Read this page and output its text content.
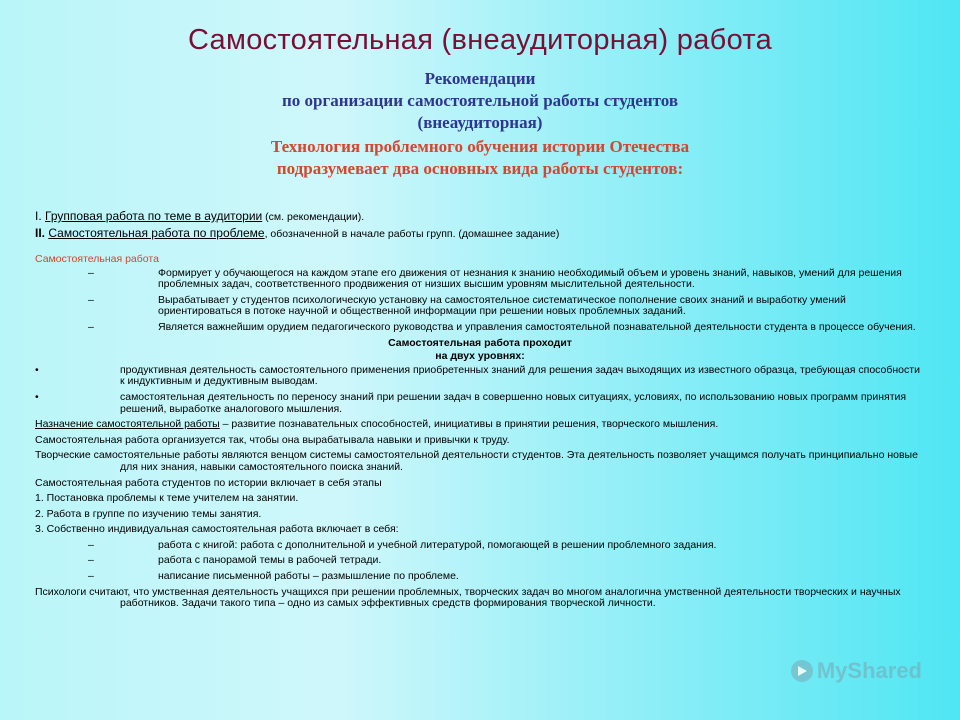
Самостоятельная (внеаудиторная) работа
Рекомендации
по организации самостоятельной работы студентов
(внеаудиторная)
Технология проблемного обучения истории Отечества
подразумевает два основных вида работы студентов:
I. Групповая работа по теме в аудитории (см. рекомендации).
II. Самостоятельная работа по проблеме, обозначенной в начале работы групп. (домашнее задание)
Самостоятельная работа
–	Формирует у обучающегося на каждом этапе его движения от незнания к знанию необходимый объем и уровень знаний, навыков, умений для решения проблемных задач, соответственного продвижения от низших высшим уровням мыслительной деятельности.
–	Вырабатывает у студентов психологическую установку на самостоятельное систематическое пополнение своих знаний и выработку умений ориентироваться в потоке научной и общественной информации при решении новых проблемных заданий.
–	Является важнейшим орудием педагогического руководства и управления самостоятельной познавательной деятельности студента в процессе обучения.
Самостоятельная работа проходит
на двух уровнях:
•	продуктивная деятельность самостоятельного применения приобретенных знаний для решения задач выходящих из известного образца, требующая способности к индуктивным и дедуктивным выводам.
•	самостоятельная деятельность по переносу знаний при решении задач в совершенно новых ситуациях, условиях, по использованию новых программ принятия решений, выработке аналогового мышления.
Назначение самостоятельной работы – развитие познавательных способностей, инициативы в принятии решения, творческого мышления.
Самостоятельная работа организуется так, чтобы она вырабатывала навыки и привычки к труду.
Творческие самостоятельные работы являются венцом системы самостоятельной деятельности студентов. Эта деятельность позволяет учащимся получать принципиально новые для них знания, навыки самостоятельного поиска знаний.
Самостоятельная работа студентов по истории включает в себя этапы
1. Постановка проблемы к теме учителем на занятии.
2. Работа в группе по изучению темы занятия.
3. Собственно индивидуальная самостоятельная работа включает в себя:
–	работа с книгой: работа с дополнительной и учебной литературой, помогающей в решении проблемного задания.
–	работа с панорамой темы в рабочей тетради.
–	написание письменной работы – размышление по проблеме.
Психологи считают, что умственная деятельность учащихся при решении проблемных, творческих задач во многом аналогична умственной деятельности творческих и научных работников. Задачи такого типа – одно из самых эффективных средств формирования творческой личности.
MyShared
